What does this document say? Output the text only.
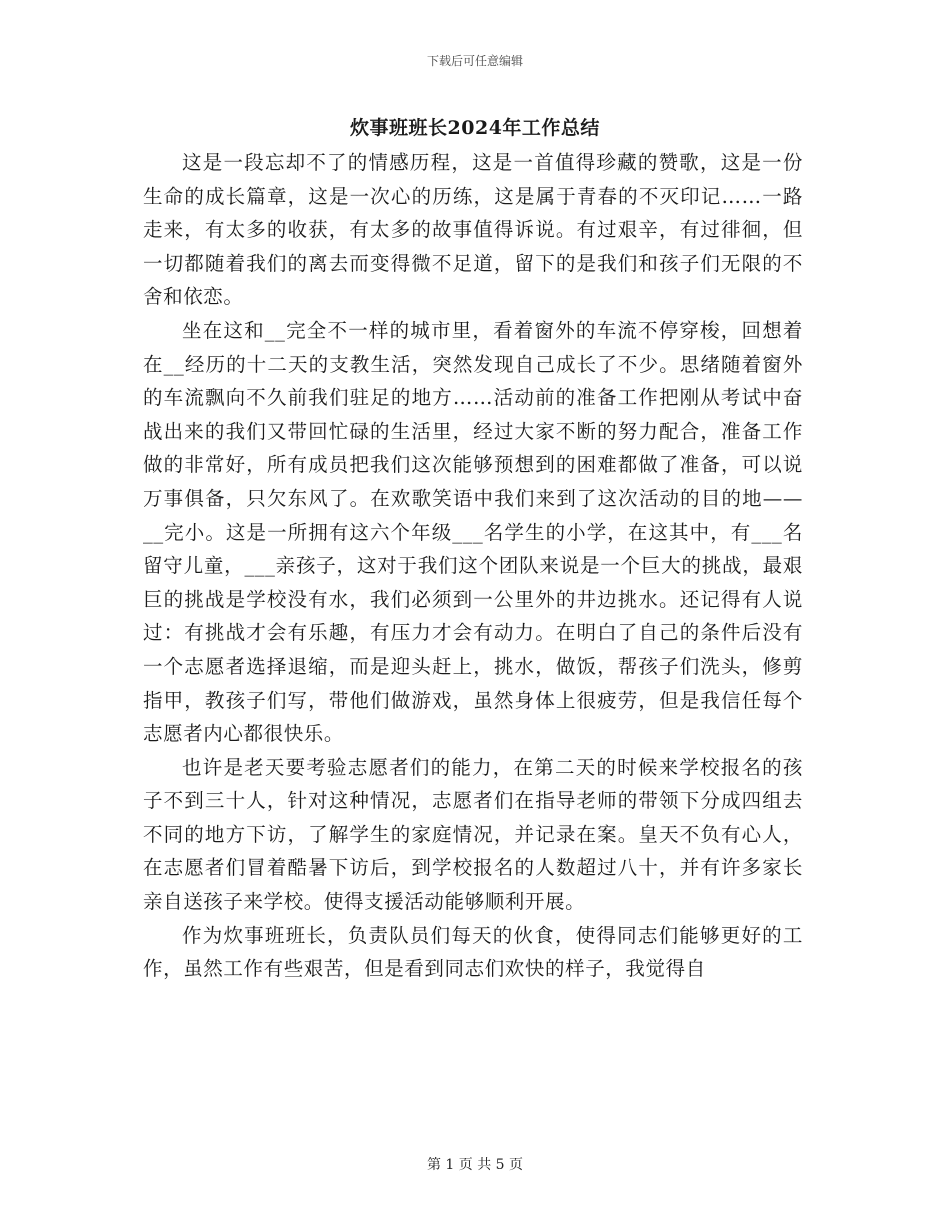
下载后可任意编辑
炊事班班长2024年工作总结

这是一段忘却不了的情感历程，这是一首值得珍藏的赞歌，这是一份生命的成长篇章，这是一次心的历练，这是属于青春的不灭印记……一路走来，有太多的收获，有太多的故事值得诉说。有过艰辛，有过徘徊，但一切都随着我们的离去而变得微不足道，留下的是我们和孩子们无限的不舍和依恋。

坐在这和__完全不一样的城市里，看着窗外的车流不停穿梭，回想着在__经历的十二天的支教生活，突然发现自己成长了不少。思绪随着窗外的车流飘向不久前我们驻足的地方……活动前的准备工作把刚从考试中奋战出来的我们又带回忙碌的生活里，经过大家不断的努力配合，准备工作做的非常好，所有成员把我们这次能够预想到的困难都做了准备，可以说万事俱备，只欠东风了。在欢歌笑语中我们来到了这次活动的目的地——__完小。这是一所拥有这六个年级___名学生的小学，在这其中，有___名留守儿童，___亲孩子，这对于我们这个团队来说是一个巨大的挑战，最艰巨的挑战是学校没有水，我们必须到一公里外的井边挑水。还记得有人说过：有挑战才会有乐趣，有压力才会有动力。在明白了自己的条件后没有一个志愿者选择退缩，而是迎头赶上，挑水，做饭，帮孩子们洗头，修剪指甲，教孩子们写，带他们做游戏，虽然身体上很疲劳，但是我信任每个志愿者内心都很快乐。

也许是老天要考验志愿者们的能力，在第二天的时候来学校报名的孩子不到三十人，针对这种情况，志愿者们在指导老师的带领下分成四组去不同的地方下访，了解学生的家庭情况，并记录在案。皇天不负有心人，在志愿者们冒着酷暑下访后，到学校报名的人数超过八十，并有许多家长亲自送孩子来学校。使得支援活动能够顺利开展。

作为炊事班班长，负责队员们每天的伙食，使得同志们能够更好的工作，虽然工作有些艰苦，但是看到同志们欢快的样子，我觉得自

第 1 页 共 5 页
